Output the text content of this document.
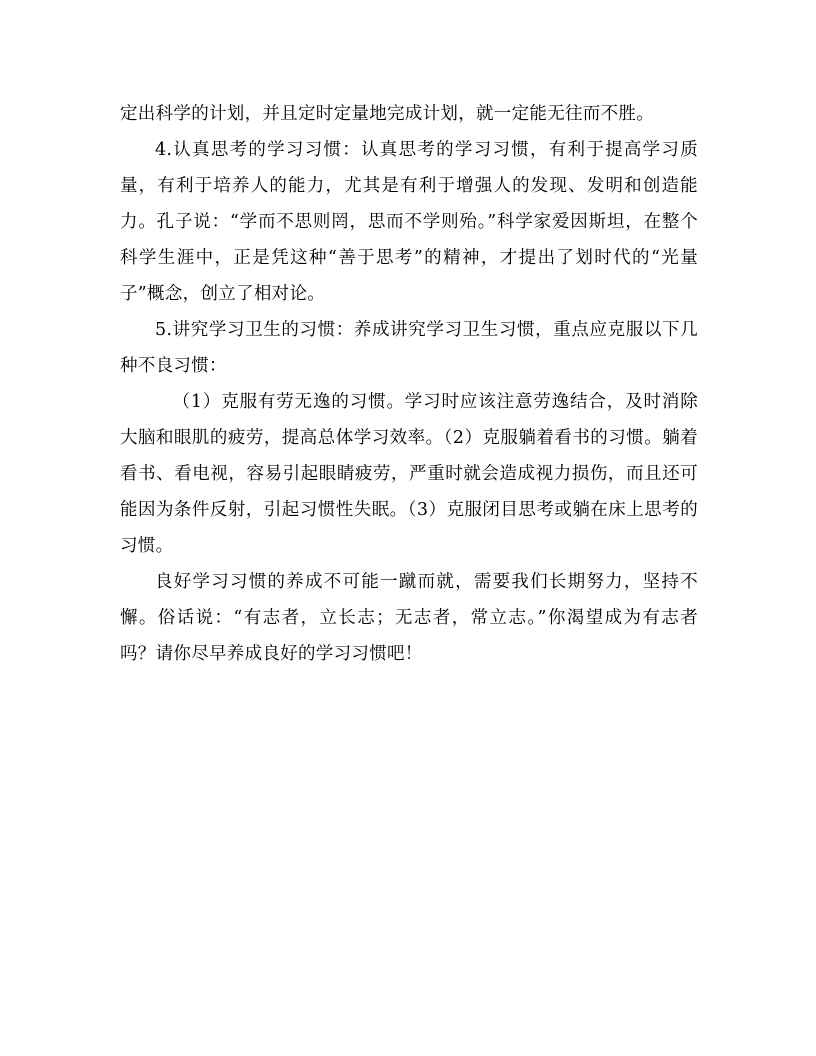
定出科学的计划，并且定时定量地完成计划，就一定能无往而不胜。

4.认真思考的学习习惯：认真思考的学习习惯，有利于提高学习质量，有利于培养人的能力，尤其是有利于增强人的发现、发明和创造能力。孔子说：“学而不思则罔，思而不学则殆。”科学家爱因斯坦，在整个科学生涯中，正是凭这种“善于思考”的精神，才提出了划时代的“光量子”概念，创立了相对论。

5.讲究学习卫生的习惯：养成讲究学习卫生习惯，重点应克服以下几种不良习惯：

（1）克服有劳无逸的习惯。学习时应该注意劳逸结合，及时消除大脑和眼肌的疲劳，提高总体学习效率。（2）克服躺着看书的习惯。躺着看书、看电视，容易引起眼睛疲劳，严重时就会造成视力损伤，而且还可能因为条件反射，引起习惯性失眠。（3）克服闭目思考或躺在床上思考的习惯。

良好学习习惯的养成不可能一蹴而就，需要我们长期努力，坚持不懈。俗话说：“有志者，立长志；无志者，常立志。”你渴望成为有志者吗？请你尽早养成良好的学习习惯吧！
